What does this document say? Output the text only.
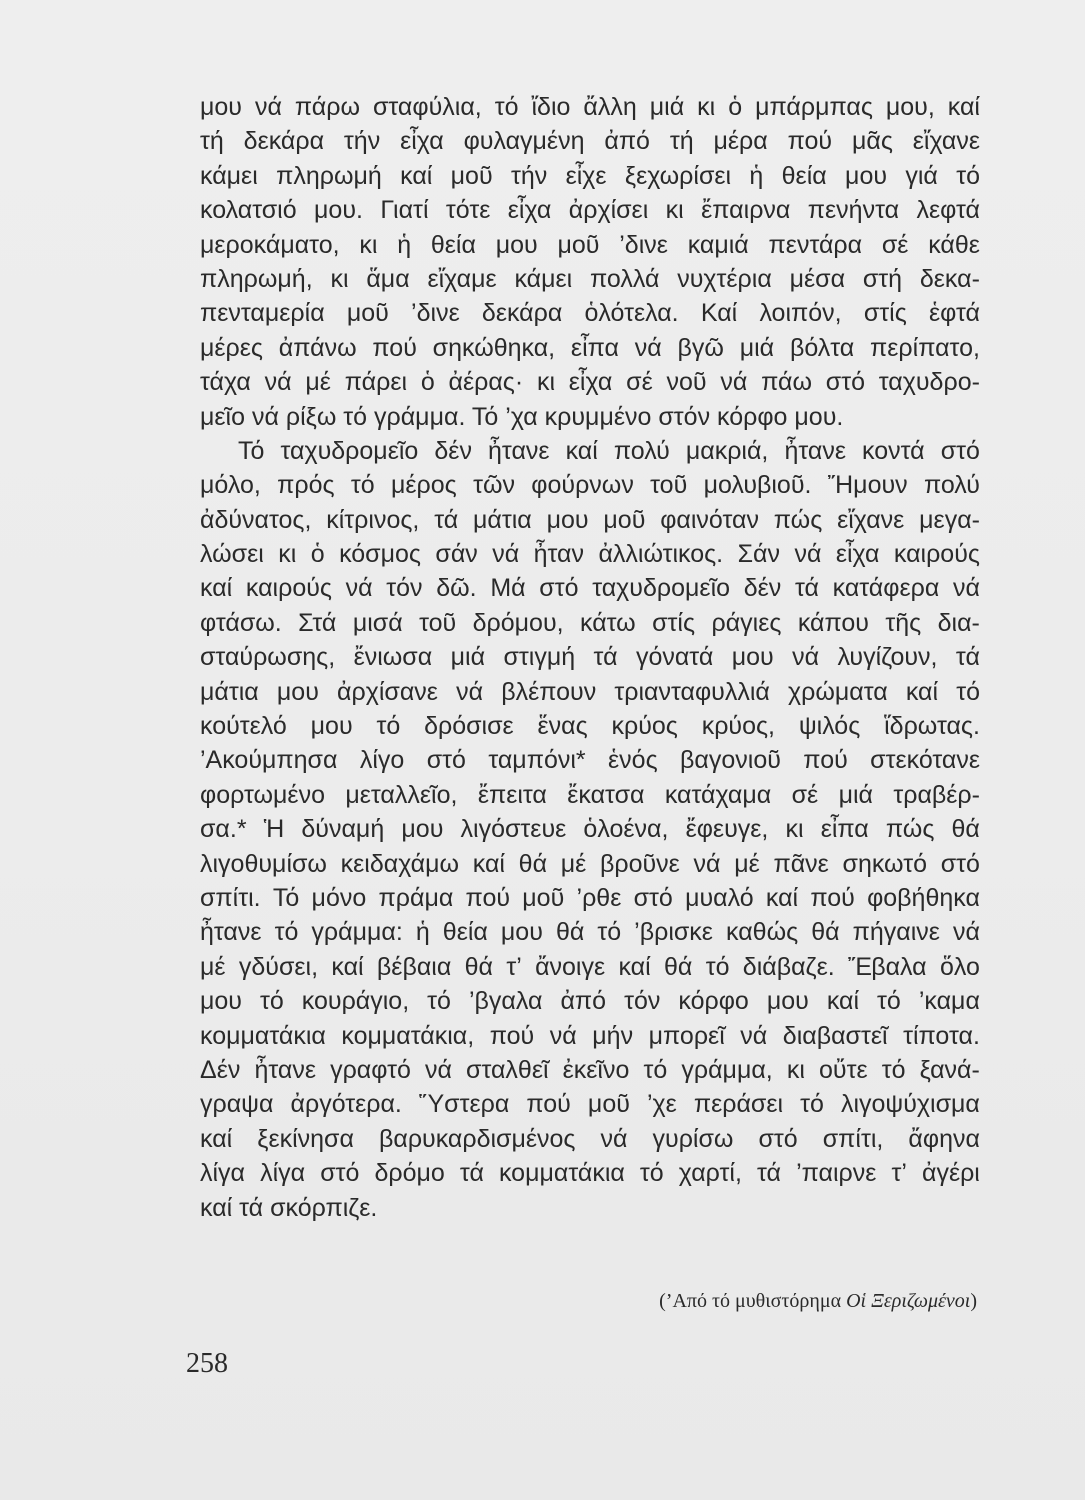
μου νά πάρω σταφύλια, τό ἴδιο ἄλλη μιά κι ὁ μπάρμπας μου, καί
τή δεκάρα τήν εἶχα φυλαγμένη ἀπό τή μέρα πού μᾶς εἴχανε
κάμει πληρωμή καί μοῦ τήν εἶχε ξεχωρίσει ἡ θεία μου γιά τό
κολατσιό μου. Γιατί τότε εἶχα ἀρχίσει κι ἔπαιρνα πενήντα λεφτά
μεροκάματο, κι ἡ θεία μου μοῦ ’δινε καμιά πεντάρα σέ κάθε
πληρωμή, κι ἅμα εἴχαμε κάμει πολλά νυχτέρια μέσα στή δεκα-
πενταμερία μοῦ ’δινε δεκάρα ὁλότελα. Καί λοιπόν, στίς ἑφτά
μέρες ἀπάνω πού σηκώθηκα, εἶπα νά βγῶ μιά βόλτα περίπατο,
τάχα νά μέ πάρει ὁ ἀέρας· κι εἶχα σέ νοῦ νά πάω στό ταχυδρο-
μεῖο νά ρίξω τό γράμμα. Τό ’χα κρυμμένο στόν κόρφο μου.
Τό ταχυδρομεῖο δέν ἦτανε καί πολύ μακριά, ἦτανε κοντά στό
μόλο, πρός τό μέρος τῶν φούρνων τοῦ μολυβιοῦ. Ἤμουν πολύ
ἀδύνατος, κίτρινος, τά μάτια μου μοῦ φαινόταν πώς εἴχανε μεγα-
λώσει κι ὁ κόσμος σάν νά ἦταν ἀλλιώτικος. Σάν νά εἶχα καιρούς
καί καιρούς νά τόν δῶ. Μά στό ταχυδρομεῖο δέν τά κατάφερα νά
φτάσω. Στά μισά τοῦ δρόμου, κάτω στίς ράγιες κάπου τῆς δια-
σταύρωσης, ἔνιωσα μιά στιγμή τά γόνατά μου νά λυγίζουν, τά
μάτια μου ἀρχίσανε νά βλέπουν τριανταφυλλιά χρώματα καί τό
κούτελό μου τό δρόσισε ἕνας κρύος κρύος, ψιλός ἵδρωτας.
’Ακούμπησα λίγο στό ταμπόνι* ἑνός βαγονιοῦ πού στεκότανε
φορτωμένο μεταλλεῖο, ἔπειτα ἔκατσα κατάχαμα σέ μιά τραβέρ-
σα.* Ἡ δύναμή μου λιγόστευε ὁλοένα, ἔφευγε, κι εἶπα πώς θά
λιγοθυμίσω κειδαχάμω καί θά μέ βροῦνε νά μέ πᾶνε σηκωτό στό
σπίτι. Τό μόνο πράμα πού μοῦ ’ρθε στό μυαλό καί πού φοβήθηκα
ἦτανε τό γράμμα: ἡ θεία μου θά τό ’βρισκε καθώς θά πήγαινε νά
μέ γδύσει, καί βέβαια θά τ’ ἄνοιγε καί θά τό διάβαζε. Ἔβαλα ὅλο
μου τό κουράγιο, τό ’βγαλα ἀπό τόν κόρφο μου καί τό ’καμα
κομματάκια κομματάκια, πού νά μήν μπορεῖ νά διαβαστεῖ τίποτα.
Δέν ἦτανε γραφτό νά σταλθεῖ ἐκεῖνο τό γράμμα, κι οὔτε τό ξανά-
γραψα ἀργότερα. Ὕστερα πού μοῦ ’χε περάσει τό λιγοψύχισμα
καί ξεκίνησα βαρυκαρδισμένος νά γυρίσω στό σπίτι, ἄφηνα
λίγα λίγα στό δρόμο τά κομματάκια τό χαρτί, τά ’παιρνε τ’ ἀγέρι
καί τά σκόρπιζε.
(’Από τό μυθιστόρημα Οἱ Ξεριζωμένοι)
258
